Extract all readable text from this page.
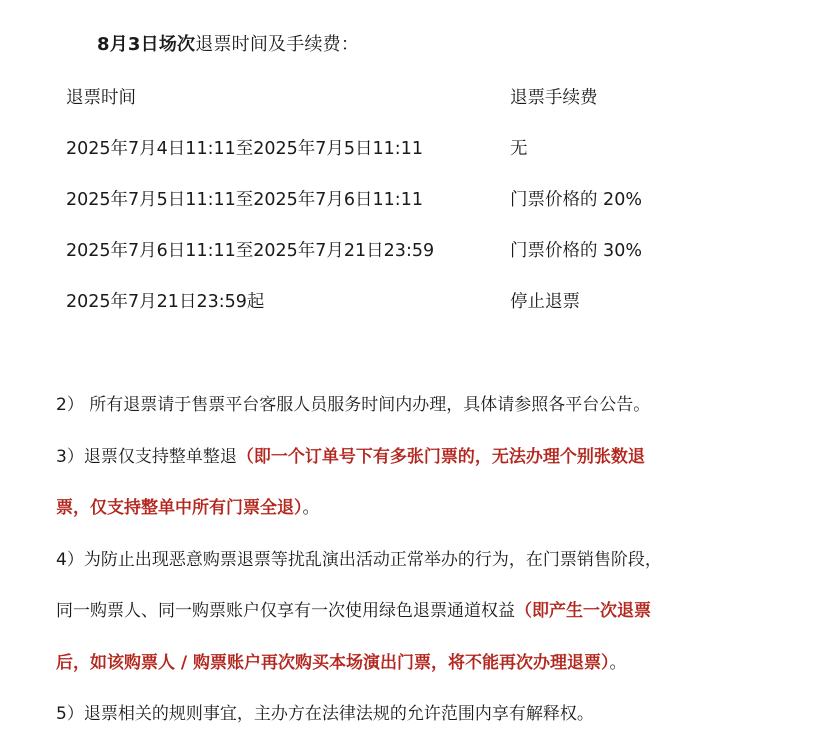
8月3日场次退票时间及手续费：
退票时间	退票手续费
2025年7月4日11:11至2025年7月5日11:11	无
2025年7月5日11:11至2025年7月6日11:11	门票价格的 20%
2025年7月6日11:11至2025年7月21日23:59	门票价格的 30%
2025年7月21日23:59起	停止退票
2） 所有退票请于售票平台客服人员服务时间内办理，具体请参照各平台公告。
3）退票仅支持整单整退（即一个订单号下有多张门票的，无法办理个别张数退
票，仅支持整单中所有门票全退）。
4）为防止出现恶意购票退票等扰乱演出活动正常举办的行为，在门票销售阶段，
同一购票人、同一购票账户仅享有一次使用绿色退票通道权益（即产生一次退票
后，如该购票人 / 购票账户再次购买本场演出门票，将不能再次办理退票）。
5）退票相关的规则事宜，主办方在法律法规的允许范围内享有解释权。
